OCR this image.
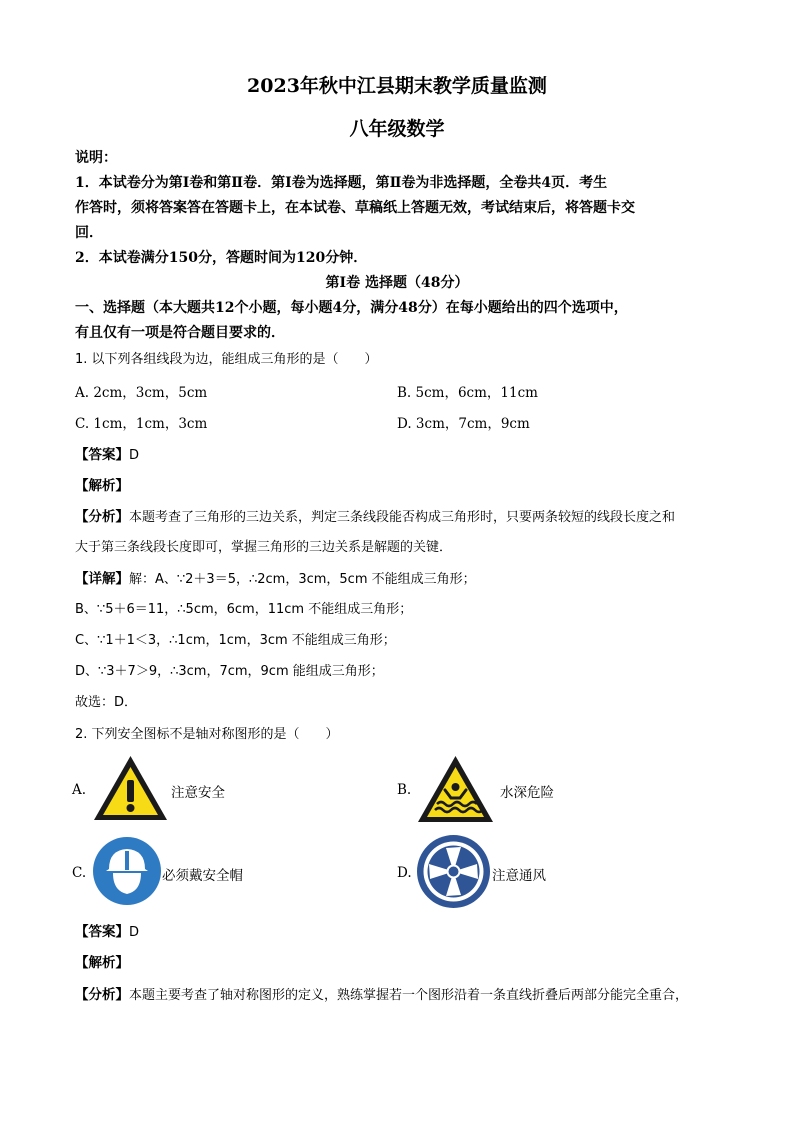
2023年秋中江县期末教学质量监测
八年级数学
说明：
1．本试卷分为第Ⅰ卷和第Ⅱ卷．第Ⅰ卷为选择题，第Ⅱ卷为非选择题，全卷共4页．考生
作答时，须将答案答在答题卡上，在本试卷、草稿纸上答题无效，考试结束后，将答题卡交
回．
2．本试卷满分150分，答题时间为120分钟．
第Ⅰ卷 选择题（48分）
一、选择题（本大题共12个小题，每小题4分，满分48分）在每小题给出的四个选项中，
有且仅有一项是符合题目要求的．
1. 以下列各组线段为边，能组成三角形的是（　　）
A. 2cm，3cm，5cm	B. 5cm，6cm，11cm
C. 1cm，1cm，3cm	D. 3cm，7cm，9cm
【答案】D
【解析】
【分析】本题考查了三角形的三边关系，判定三条线段能否构成三角形时，只要两条较短的线段长度之和
大于第三条线段长度即可，掌握三角形的三边关系是解题的关键．
【详解】解：A、∵2＋3＝5，∴2cm，3cm，5cm 不能组成三角形；
B、∵5＋6＝11，∴5cm，6cm，11cm 不能组成三角形；
C、∵1＋1＜3，∴1cm，1cm，3cm 不能组成三角形；
D、∵3＋7＞9，∴3cm，7cm，9cm 能组成三角形；
故选：D．
2. 下列安全图标不是轴对称图形的是（　　）
A.	注意安全	B.	水深危险
C.	必须戴安全帽	D.	注意通风
【答案】D
【解析】
【分析】本题主要考查了轴对称图形的定义，熟练掌握若一个图形沿着一条直线折叠后两部分能完全重合，
